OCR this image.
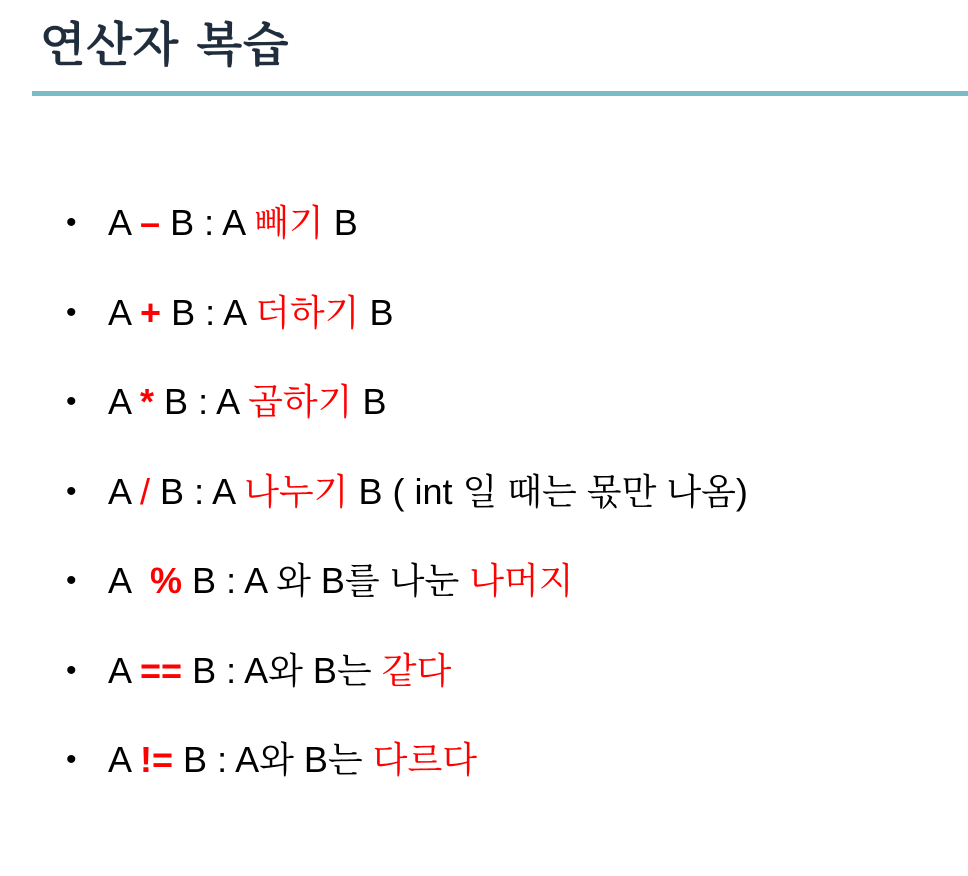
연산자 복습
• A – B : A 빼기 B
• A + B : A 더하기 B
• A * B : A 곱하기 B
• A / B : A 나누기 B ( int 일 때는 몫만 나옴)
• A  % B : A 와 B를 나눈 나머지
• A == B : A와 B는 같다
• A != B : A와 B는 다르다
